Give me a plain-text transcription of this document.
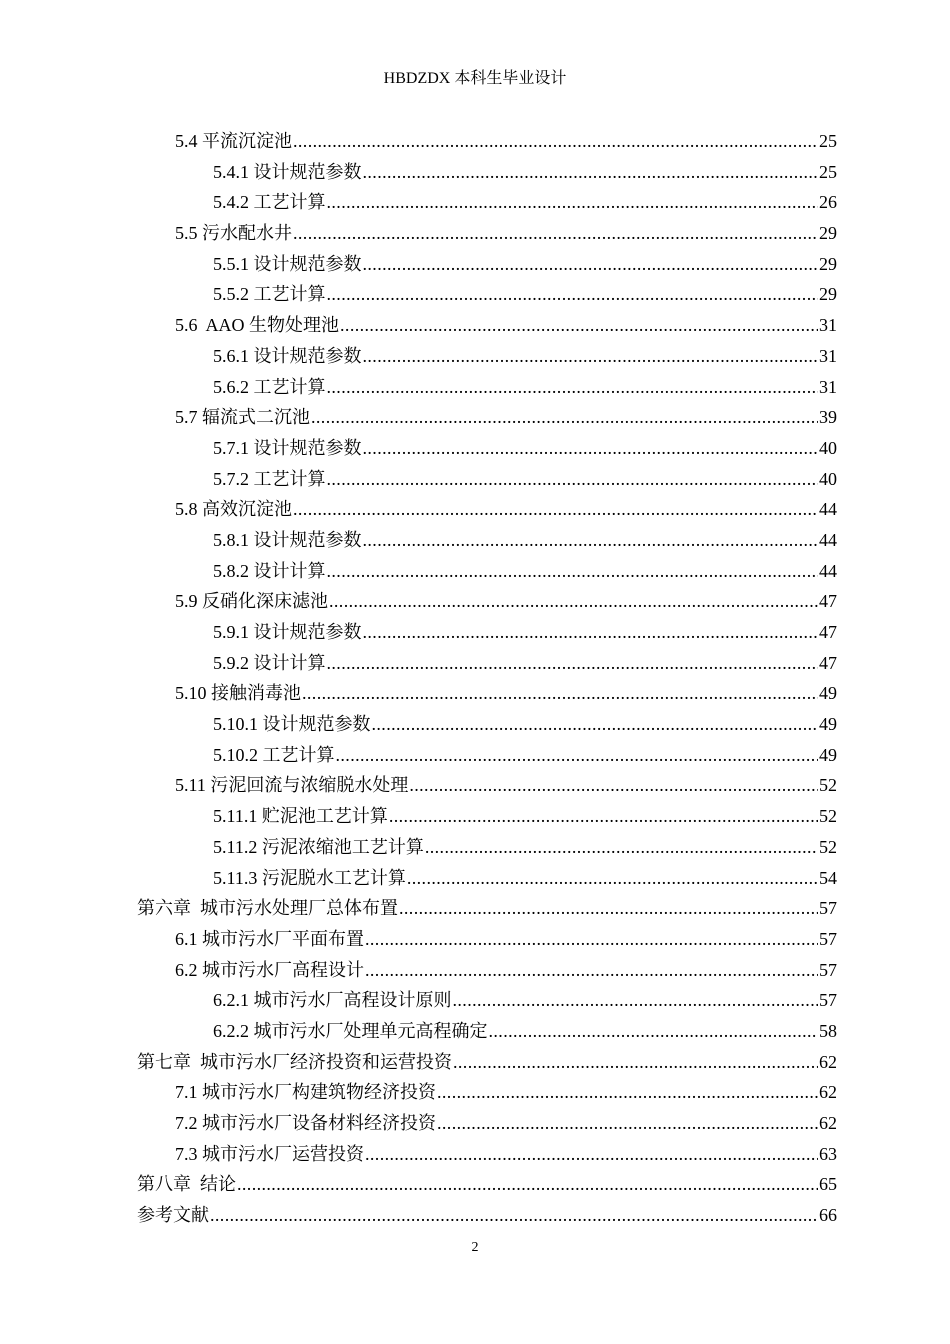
HBDZDX 本科生毕业设计
5.4 平流沉淀池 .....	25
5.4.1 设计规范参数 .....	25
5.4.2 工艺计算 .....	26
5.5 污水配水井 .....	29
5.5.1 设计规范参数 .....	29
5.5.2 工艺计算 .....	29
5.6  AAO 生物处理池 .....	31
5.6.1 设计规范参数 .....	31
5.6.2 工艺计算 .....	31
5.7 辐流式二沉池 .....	39
5.7.1 设计规范参数 .....	40
5.7.2 工艺计算 .....	40
5.8 高效沉淀池 .....	44
5.8.1 设计规范参数 .....	44
5.8.2 设计计算 .....	44
5.9 反硝化深床滤池 .....	47
5.9.1 设计规范参数 .....	47
5.9.2 设计计算 .....	47
5.10 接触消毒池 .....	49
5.10.1 设计规范参数 .....	49
5.10.2 工艺计算 .....	49
5.11 污泥回流与浓缩脱水处理 .....	52
5.11.1 贮泥池工艺计算 .....	52
5.11.2 污泥浓缩池工艺计算 .....	52
5.11.3 污泥脱水工艺计算 .....	54
第六章  城市污水处理厂总体布置 .....	57
6.1 城市污水厂平面布置 .....	57
6.2 城市污水厂高程设计 .....	57
6.2.1 城市污水厂高程设计原则 .....	57
6.2.2 城市污水厂处理单元高程确定 .....	58
第七章  城市污水厂经济投资和运营投资 .....	62
7.1 城市污水厂构建筑物经济投资 .....	62
7.2 城市污水厂设备材料经济投资 .....	62
7.3 城市污水厂运营投资 .....	63
第八章  结论 .....	65
参考文献 .....	66
2
